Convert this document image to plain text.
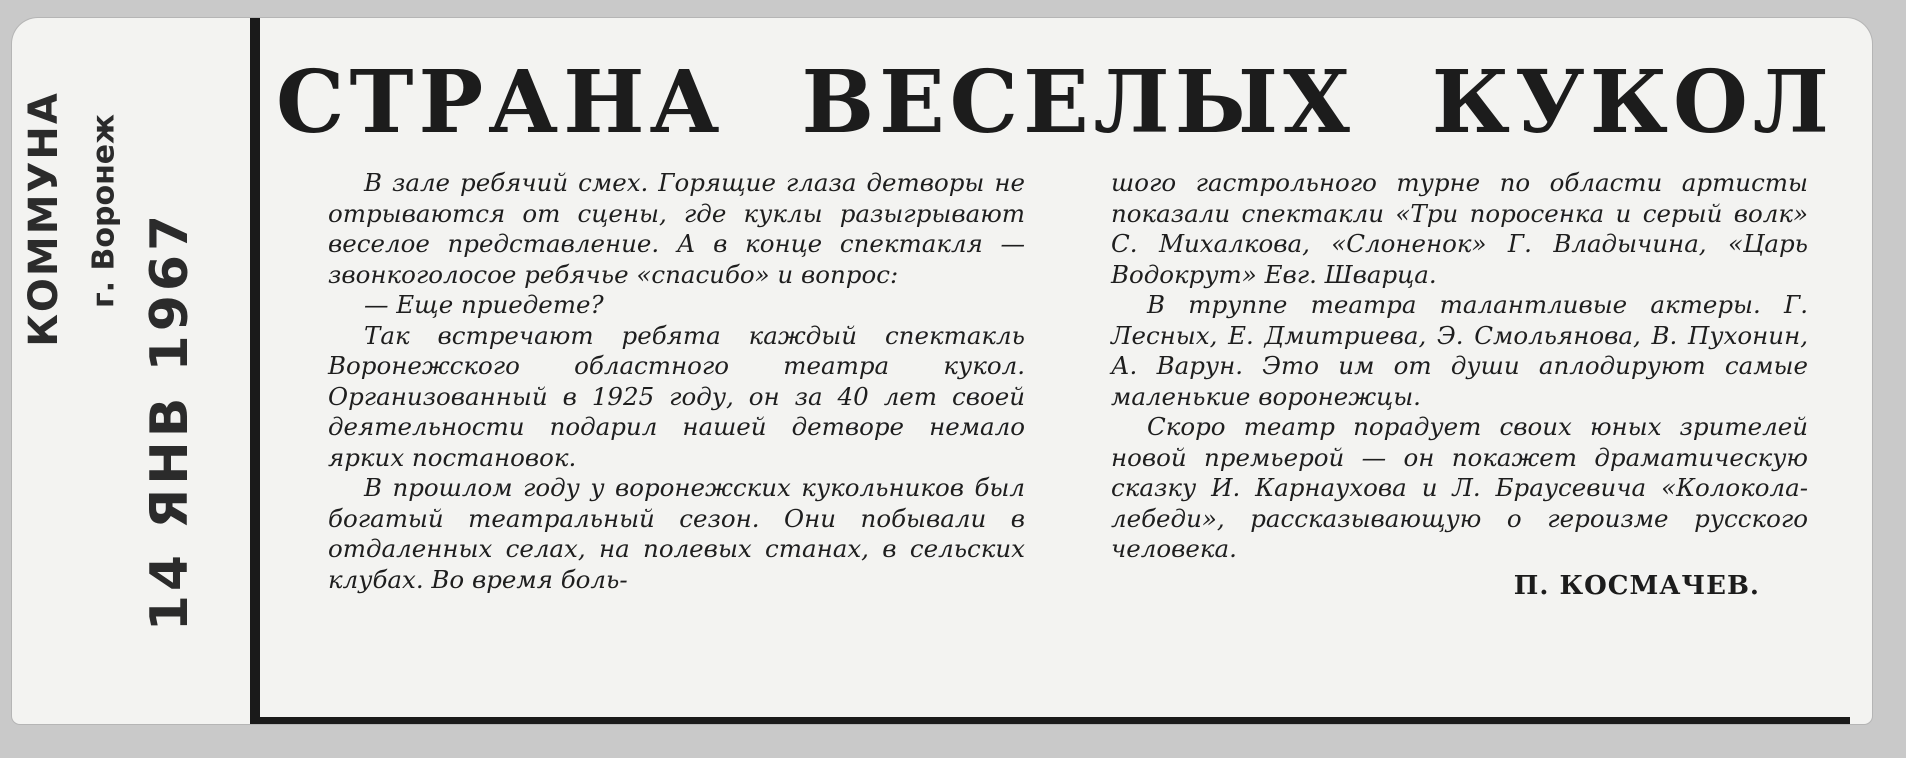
КОММУНА г. Воронеж 14 ЯНВ 1967
СТРАНА ВЕСЕЛЫХ КУКОЛ

В зале ребячий смех. Горящие глаза детворы не отрываются от сцены, где куклы разыгрывают веселое представление. А в конце спектакля — звонкоголосое ребячье «спасибо» и вопрос:

— Еще приедете?

Так встречают ребята каждый спектакль Воронежского областного театра кукол. Организованный в 1925 году, он за 40 лет своей деятельности подарил нашей детворе немало ярких постановок.

В прошлом году у воронежских кукольников был богатый театральный сезон. Они побывали в отдаленных селах, на полевых станах, в сельских клубах. Во время боль-

шого гастрольного турне по области артисты показали спектакли «Три поросенка и серый волк» С. Михалкова, «Слоненок» Г. Владычина, «Царь Водокрут» Евг. Шварца.

В труппе театра талантливые актеры. Г. Лесных, Е. Дмитриева, Э. Смольянова, В. Пухонин, А. Варун. Это им от души аплодируют самые маленькие воронежцы.

Скоро театр порадует своих юных зрителей новой премьерой — он покажет драматическую сказку И. Карнаухова и Л. Браусевича «Колокола-лебеди», рассказывающую о героизме русского человека.

П. КОСМАЧЕВ.
